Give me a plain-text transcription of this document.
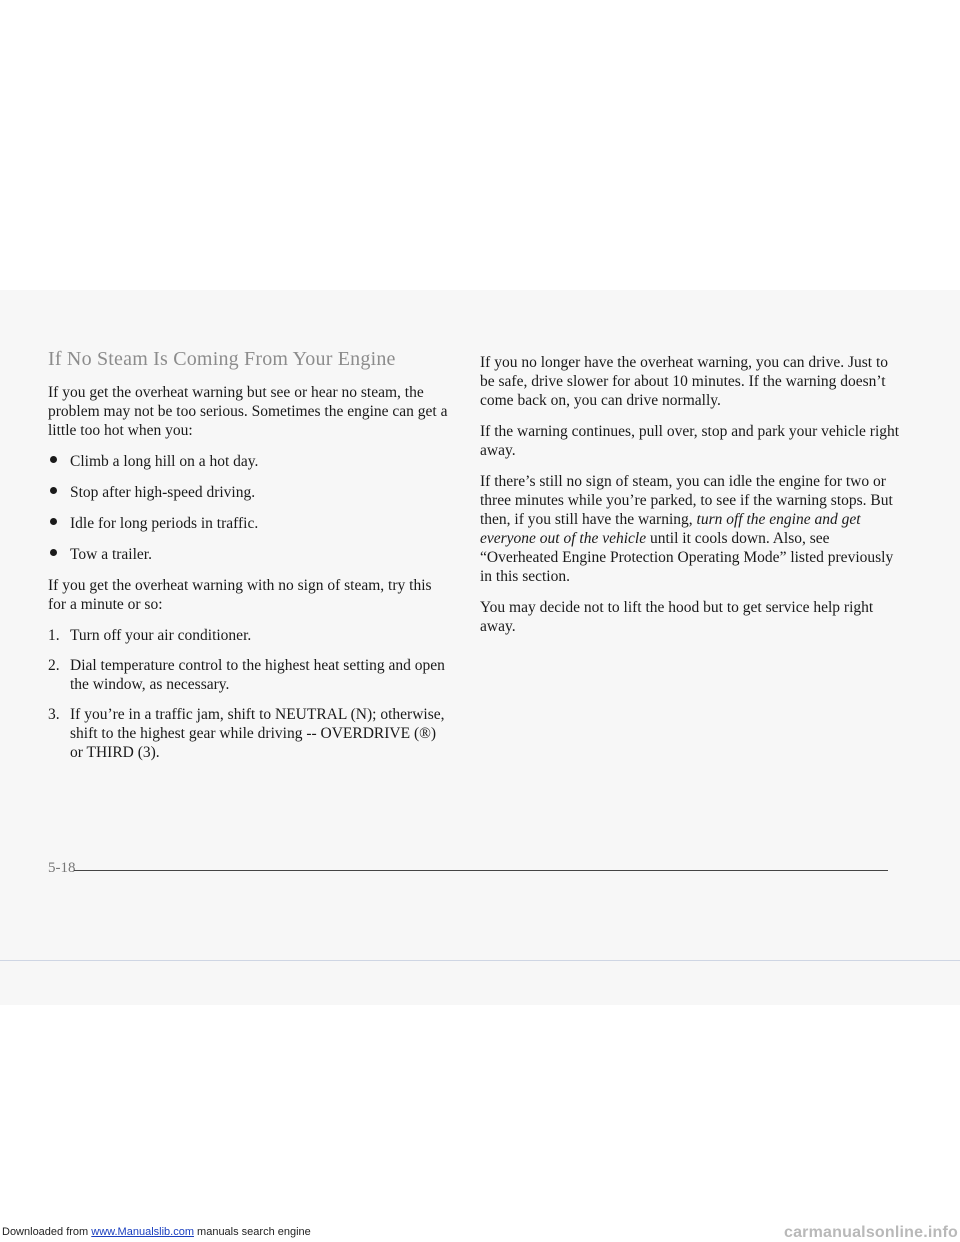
If No Steam Is Coming From Your Engine

If you get the overheat warning but see or hear no steam, the problem may not be too serious. Sometimes the engine can get a little too hot when you:

Climb a long hill on a hot day.
Stop after high-speed driving.
Idle for long periods in traffic.
Tow a trailer.

If you get the overheat warning with no sign of steam, try this for a minute or so:

1. Turn off your air conditioner.
2. Dial temperature control to the highest heat setting and open the window, as necessary.
3. If you’re in a traffic jam, shift to NEUTRAL (N); otherwise, shift to the highest gear while driving -- OVERDRIVE (®) or THIRD (3).

If you no longer have the overheat warning, you can drive. Just to be safe, drive slower for about 10 minutes. If the warning doesn’t come back on, you can drive normally.

If the warning continues, pull over, stop and park your vehicle right away.

If there’s still no sign of steam, you can idle the engine for two or three minutes while you’re parked, to see if the warning stops. But then, if you still have the warning, turn off the engine and get everyone out of the vehicle until it cools down. Also, see “Overheated Engine Protection Operating Mode” listed previously in this section.

You may decide not to lift the hood but to get service help right away.

5-18
Downloaded from www.Manualslib.com manuals search engine	carmanualsonline.info
